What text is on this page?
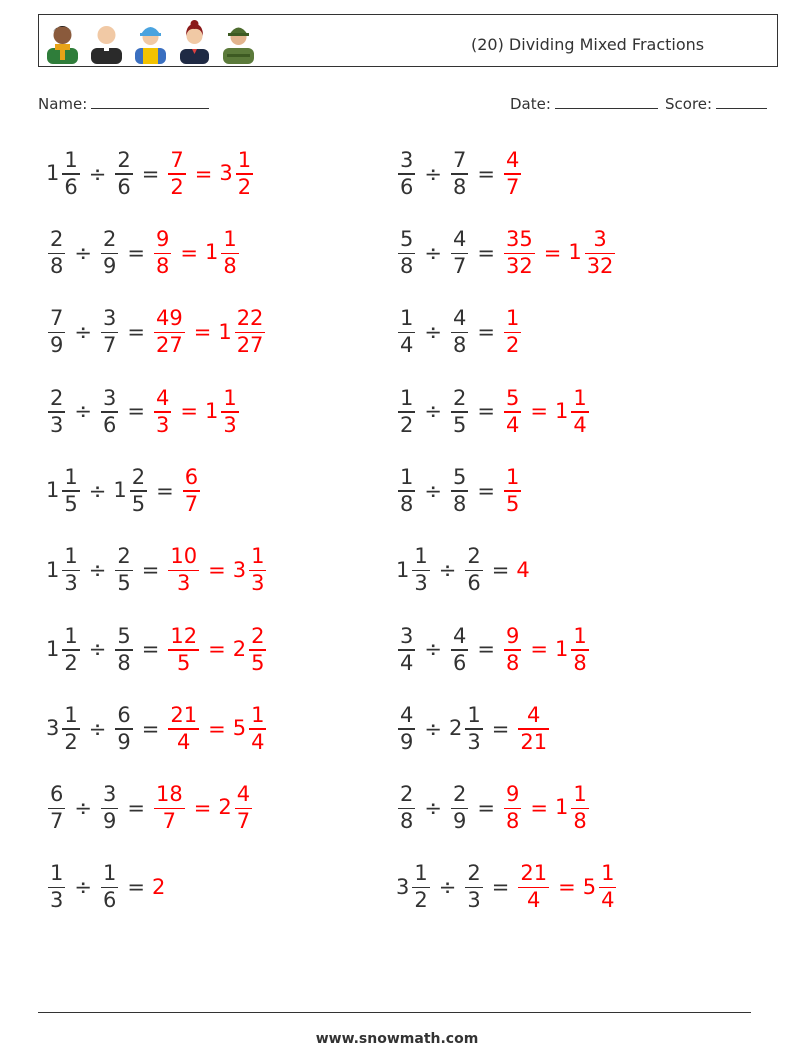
(20) Dividing Mixed Fractions
Name:	Date:	Score:
$1 \frac{1}{6} \div \frac{2}{6} = \frac{7}{2} = 3 \frac{1}{2}$	$\frac{3}{6} \div \frac{7}{8} = \frac{4}{7}$
$\frac{2}{8} \div \frac{2}{9} = \frac{9}{8} = 1 \frac{1}{8}$	$\frac{5}{8} \div \frac{4}{7} = \frac{35}{32} = 1 \frac{3}{32}$
$\frac{7}{9} \div \frac{3}{7} = \frac{49}{27} = 1 \frac{22}{27}$	$\frac{1}{4} \div \frac{4}{8} = \frac{1}{2}$
$\frac{2}{3} \div \frac{3}{6} = \frac{4}{3} = 1 \frac{1}{3}$	$\frac{1}{2} \div \frac{2}{5} = \frac{5}{4} = 1 \frac{1}{4}$
$1 \frac{1}{5} \div 1 \frac{2}{5} = \frac{6}{7}$	$\frac{1}{8} \div \frac{5}{8} = \frac{1}{5}$
$1 \frac{1}{3} \div \frac{2}{5} = \frac{10}{3} = 3 \frac{1}{3}$	$1 \frac{1}{3} \div \frac{2}{6} = 4$
$1 \frac{1}{2} \div \frac{5}{8} = \frac{12}{5} = 2 \frac{2}{5}$	$\frac{3}{4} \div \frac{4}{6} = \frac{9}{8} = 1 \frac{1}{8}$
$3 \frac{1}{2} \div \frac{6}{9} = \frac{21}{4} = 5 \frac{1}{4}$	$\frac{4}{9} \div 2 \frac{1}{3} = \frac{4}{21}$
$\frac{6}{7} \div \frac{3}{9} = \frac{18}{7} = 2 \frac{4}{7}$	$\frac{2}{8} \div \frac{2}{9} = \frac{9}{8} = 1 \frac{1}{8}$
$\frac{1}{3} \div \frac{1}{6} = 2$	$3 \frac{1}{2} \div \frac{2}{3} = \frac{21}{4} = 5 \frac{1}{4}$
www.snowmath.com
